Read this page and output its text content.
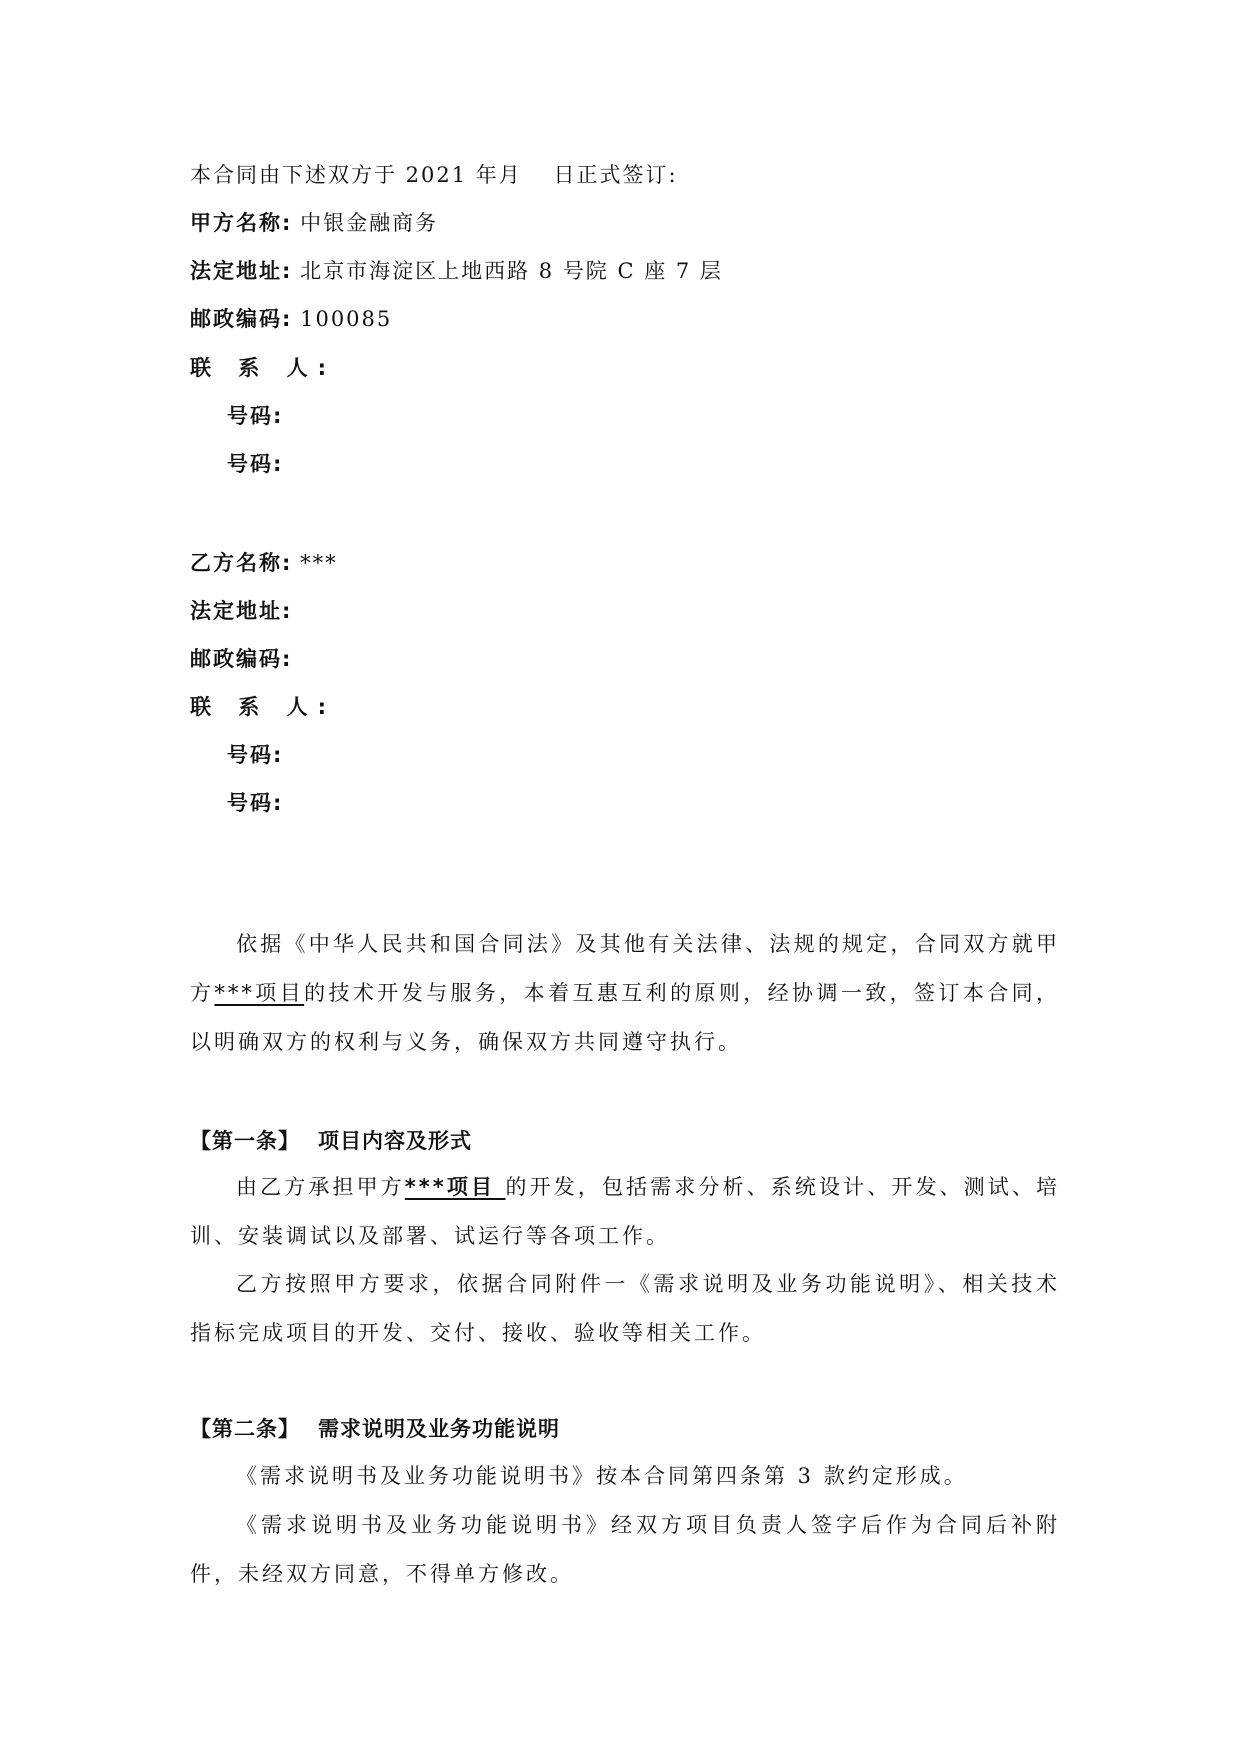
本合同由下述双方于 2021 年月　 日正式签订:
甲方名称: 中银金融商务
法定地址: 北京市海淀区上地西路 8 号院 C 座 7 层
邮政编码: 100085
联 系 人:
号码:
号码:
乙方名称: ***
法定地址:
邮政编码:
联 系 人:
号码:
号码:
依据《中华人民共和国合同法》及其他有关法律、法规的规定，合同双方就甲方***项目的技术开发与服务，本着互惠互利的原则，经协调一致，签订本合同，以明确双方的权利与义务，确保双方共同遵守执行。
【第一条】 项目内容及形式
由乙方承担甲方***项目 的开发，包括需求分析、系统设计、开发、测试、培训、安装调试以及部署、试运行等各项工作。
乙方按照甲方要求，依据合同附件一《需求说明及业务功能说明》、相关技术指标完成项目的开发、交付、接收、验收等相关工作。
【第二条】 需求说明及业务功能说明
《需求说明书及业务功能说明书》按本合同第四条第 3 款约定形成。
《需求说明书及业务功能说明书》经双方项目负责人签字后作为合同后补附件，未经双方同意，不得单方修改。
